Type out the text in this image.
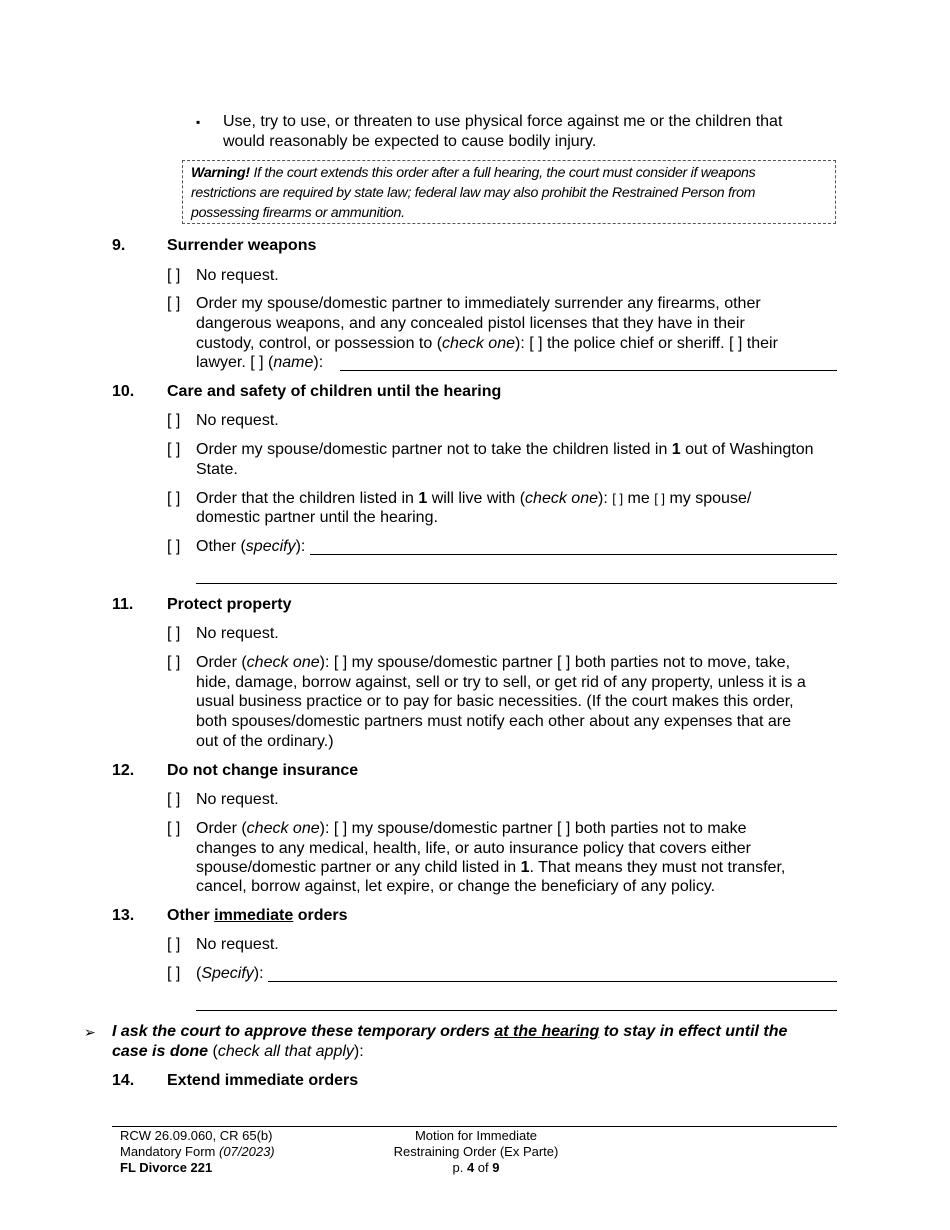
▪ Use, try to use, or threaten to use physical force against me or the children that
would reasonably be expected to cause bodily injury.
Warning! If the court extends this order after a full hearing, the court must consider if weapons
restrictions are required by state law; federal law may also prohibit the Restrained Person from
possessing firearms or ammunition.
9.	Surrender weapons
[ ] No request.
[ ] Order my spouse/domestic partner to immediately surrender any firearms, other
dangerous weapons, and any concealed pistol licenses that they have in their
custody, control, or possession to (check one): [ ] the police chief or sheriff. [ ] their
lawyer. [ ] (name):
10. Care and safety of children until the hearing
[ ] No request.
[ ] Order my spouse/domestic partner not to take the children listed in 1 out of Washington
State.
[ ] Order that the children listed in 1 will live with (check one): [ ] me [ ] my spouse/
domestic partner until the hearing.
[ ] Other (specify):
11. Protect property
[ ] No request.
[ ] Order (check one): [ ] my spouse/domestic partner [ ] both parties not to move, take,
hide, damage, borrow against, sell or try to sell, or get rid of any property, unless it is a
usual business practice or to pay for basic necessities. (If the court makes this order,
both spouses/domestic partners must notify each other about any expenses that are
out of the ordinary.)
12. Do not change insurance
[ ] No request.
[ ] Order (check one): [ ] my spouse/domestic partner [ ] both parties not to make
changes to any medical, health, life, or auto insurance policy that covers either
spouse/domestic partner or any child listed in 1. That means they must not transfer,
cancel, borrow against, let expire, or change the beneficiary of any policy.
13. Other immediate orders
[ ] No request.
[ ] (Specify):
➢ I ask the court to approve these temporary orders at the hearing to stay in effect until the
case is done (check all that apply):
14. Extend immediate orders
RCW 26.09.060, CR 65(b)
Mandatory Form (07/2023)
FL Divorce 221
Motion for Immediate
Restraining Order (Ex Parte)
p. 4 of 9
